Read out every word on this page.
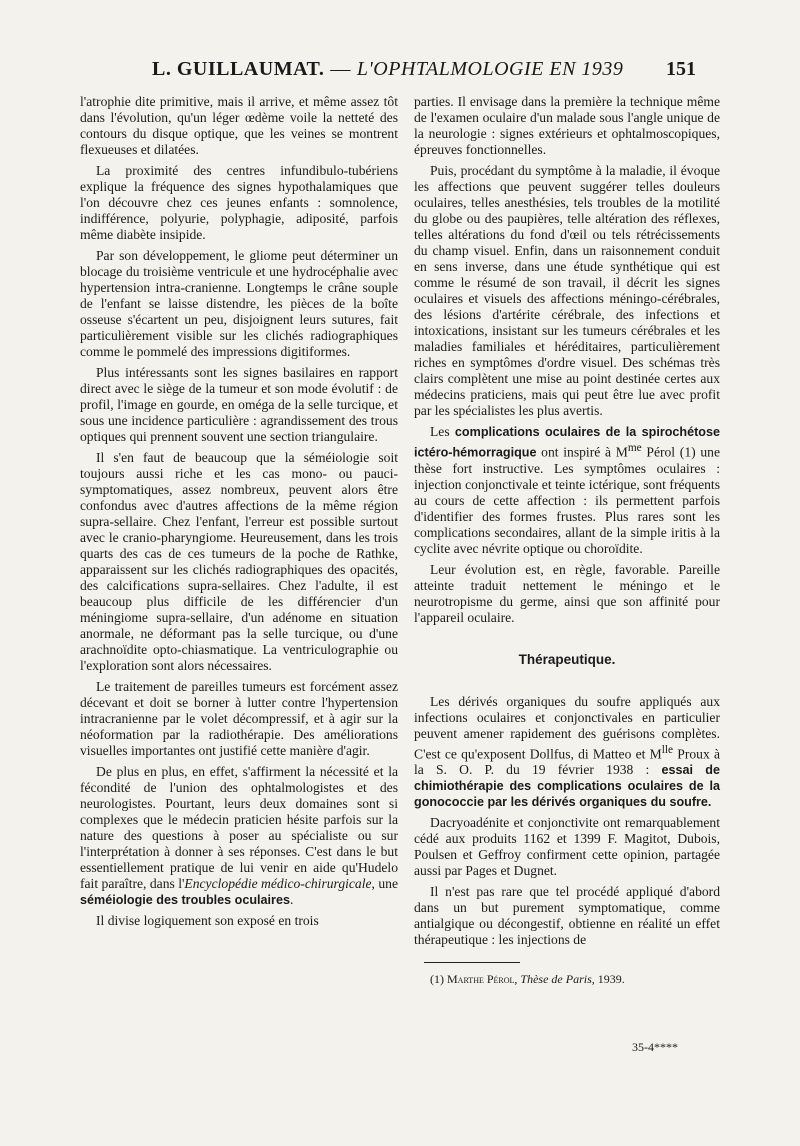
L. GUILLAUMAT. — L'OPHTALMOLOGIE EN 1939 151

l'atrophie dite primitive, mais il arrive, et même assez tôt dans l'évolution, qu'un léger œdème voile la netteté des contours du disque optique, que les veines se montrent flexueuses et dilatées.

La proximité des centres infundibulo-tubériens explique la fréquence des signes hypothalamiques que l'on découvre chez ces jeunes enfants : somnolence, indifférence, polyurie, polyphagie, adiposité, parfois même diabète insipide.

Par son développement, le gliome peut déterminer un blocage du troisième ventricule et une hydrocéphalie avec hypertension intra-cranienne. Longtemps le crâne souple de l'enfant se laisse distendre, les pièces de la boîte osseuse s'écartent un peu, disjoignent leurs sutures, fait particulièrement visible sur les clichés radiographiques comme le pommelé des impressions digitiformes.

Plus intéressants sont les signes basilaires en rapport direct avec le siège de la tumeur et son mode évolutif : de profil, l'image en gourde, en oméga de la selle turcique, et sous une incidence particulière : agrandissement des trous optiques qui prennent souvent une section triangulaire.

Il s'en faut de beaucoup que la séméiologie soit toujours aussi riche et les cas mono- ou pauci-symptomatiques, assez nombreux, peuvent alors être confondus avec d'autres affections de la même région supra-sellaire. Chez l'enfant, l'erreur est possible surtout avec le cranio-pharyngiome. Heureusement, dans les trois quarts des cas de ces tumeurs de la poche de Rathke, apparaissent sur les clichés radiographiques des opacités, des calcifications supra-sellaires. Chez l'adulte, il est beaucoup plus difficile de les différencier d'un méningiome supra-sellaire, d'un adénome en situation anormale, ne déformant pas la selle turcique, ou d'une arachnoïdite opto-chiasmatique. La ventriculographie ou l'exploration sont alors nécessaires.

Le traitement de pareilles tumeurs est forcément assez décevant et doit se borner à lutter contre l'hypertension intracranienne par le volet décompressif, et à agir sur la néoformation par la radiothérapie. Des améliorations visuelles importantes ont justifié cette manière d'agir.

De plus en plus, en effet, s'affirment la nécessité et la fécondité de l'union des ophtalmologistes et des neurologistes. Pourtant, leurs deux domaines sont si complexes que le médecin praticien hésite parfois sur la nature des questions à poser au spécialiste ou sur l'interprétation à donner à ses réponses. C'est dans le but essentiellement pratique de lui venir en aide qu'Hudelo fait paraître, dans l'Encyclopédie médico-chirurgicale, une séméiologie des troubles oculaires.

Il divise logiquement son exposé en trois

parties. Il envisage dans la première la technique même de l'examen oculaire d'un malade sous l'angle unique de la neurologie : signes extérieurs et ophtalmoscopiques, épreuves fonctionnelles.

Puis, procédant du symptôme à la maladie, il évoque les affections que peuvent suggérer telles douleurs oculaires, telles anesthésies, tels troubles de la motilité du globe ou des paupières, telle altération des réflexes, telles altérations du fond d'œil ou tels rétrécissements du champ visuel. Enfin, dans un raisonnement conduit en sens inverse, dans une étude synthétique qui est comme le résumé de son travail, il décrit les signes oculaires et visuels des affections méningo-cérébrales, des lésions d'artérite cérébrale, des infections et intoxications, insistant sur les tumeurs cérébrales et les maladies familiales et héréditaires, particulièrement riches en symptômes d'ordre visuel. Des schémas très clairs complètent une mise au point destinée certes aux médecins praticiens, mais qui peut être lue avec profit par les spécialistes les plus avertis.

Les complications oculaires de la spirochétose ictéro-hémorragique ont inspiré à $M^{me}$ Pérol (1) une thèse fort instructive. Les symptômes oculaires : injection conjonctivale et teinte ictérique, sont fréquents au cours de cette affection : ils permettent parfois d'identifier des formes frustes. Plus rares sont les complications secondaires, allant de la simple iritis à la cyclite avec névrite optique ou choroïdite.

Leur évolution est, en règle, favorable. Pareille atteinte traduit nettement le méningo et le neurotropisme du germe, ainsi que son affinité pour l'appareil oculaire.

Thérapeutique.

Les dérivés organiques du soufre appliqués aux infections oculaires et conjonctivales en particulier peuvent amener rapidement des guérisons complètes. C'est ce qu'exposent Dollfus, di Matteo et $M^{lle}$ Proux à la S. O. P. du 19 février 1938 : essai de chimiothérapie des complications oculaires de la gonococcie par les dérivés organiques du soufre.

Dacryoadénite et conjonctivite ont remarquablement cédé aux produits 1162 et 1399 F. Magitot, Dubois, Poulsen et Geffroy confirment cette opinion, partagée aussi par Pages et Dugnet.

Il n'est pas rare que tel procédé appliqué d'abord dans un but purement symptomatique, comme antialgique ou décongestif, obtienne en réalité un effet thérapeutique : les injections de

(1) Marthe Pérol, Thèse de Paris, 1939.

35-4****
